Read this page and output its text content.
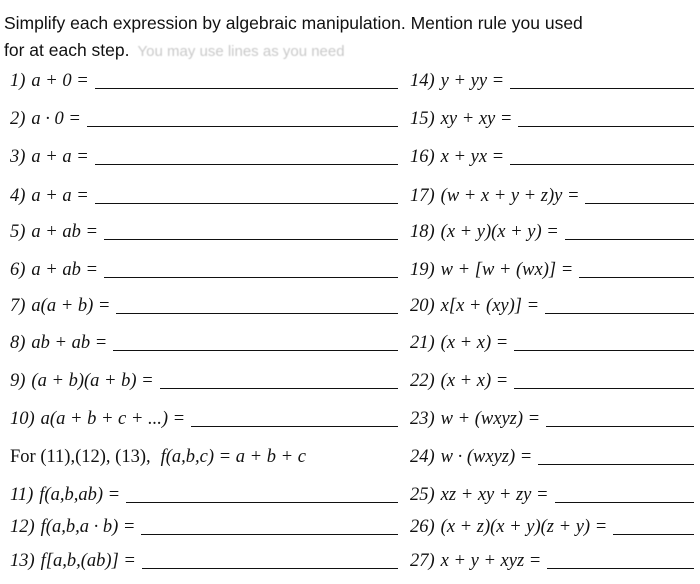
Simplify each expression by algebraic manipulation. Mention rule you used
for at each step. You may use lines as you need
1) a + 0 =
2) a · 0 =
3) a + a =
4) a + a =
5) a + ab =
6) a + ab =
7) a(a + b) =
8) ab + ab =
9) (a + b)(a + b) =
10) a(a + b + c + ...) =
For (11),(12), (13), f(a,b,c) = a + b + c
11) f(a,b,ab) =
12) f(a,b,a · b) =
13) f[a,b,(ab)] =
14) y + yy =
15) xy + xy =
16) x + yx =
17) (w + x + y + z)y =
18) (x + y)(x + y) =
19) w + [w + (wx)] =
20) x[x + (xy)] =
21) (x + x) =
22) (x + x) =
23) w + (wxyz) =
24) w · (wxyz) =
25) xz + xy + zy =
26) (x + z)(x + y)(z + y) =
27) x + y + xyz =
